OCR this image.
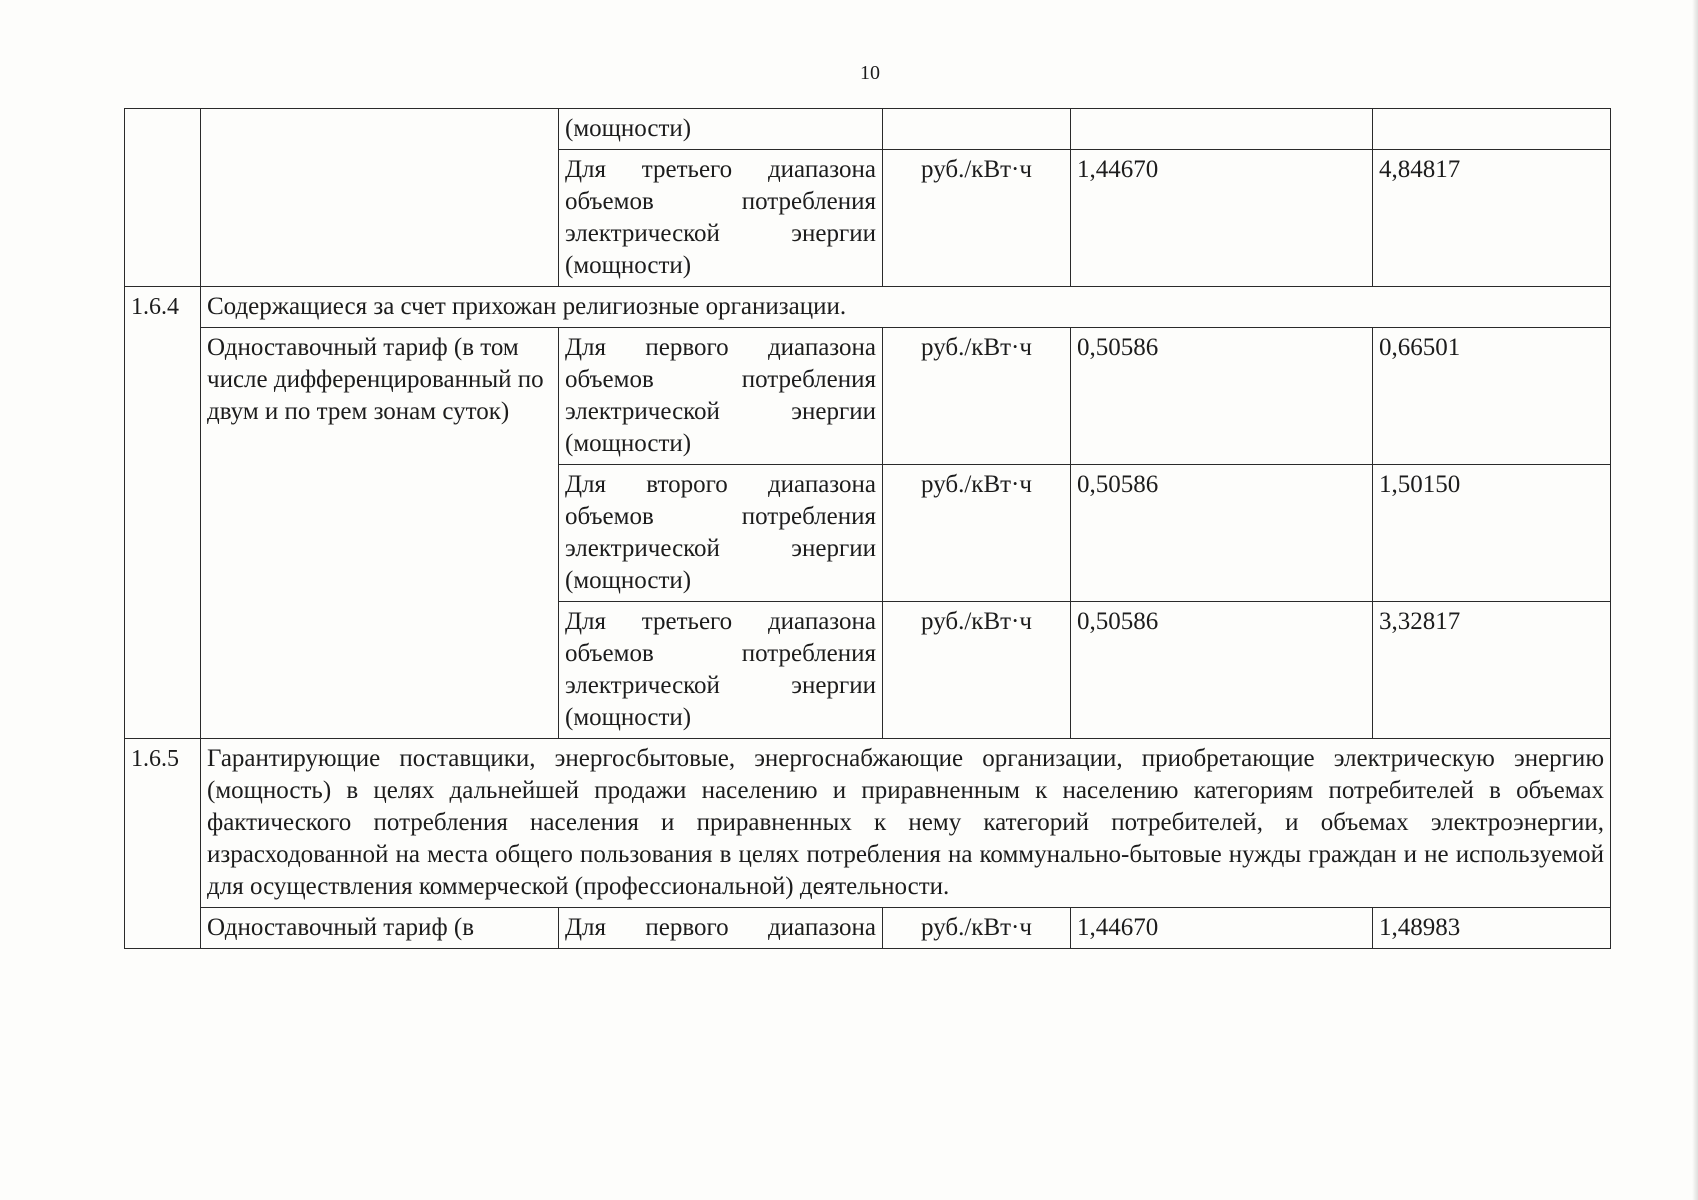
10
		(мощности)			
		Для третьего диапазона объемов потребления электрической энергии (мощности)	руб./кВт·ч	1,44670	4,84817
1.6.4	Содержащиеся за счет прихожан религиозные организации.				
	Одноставочный тариф (в том числе дифференцированный по двум и по трем зонам суток)	Для первого диапазона объемов потребления электрической энергии (мощности)	руб./кВт·ч	0,50586	0,66501
		Для второго диапазона объемов потребления электрической энергии (мощности)	руб./кВт·ч	0,50586	1,50150
		Для третьего диапазона объемов потребления электрической энергии (мощности)	руб./кВт·ч	0,50586	3,32817
1.6.5	Гарантирующие поставщики, энергосбытовые, энергоснабжающие организации, приобретающие электрическую энергию (мощность) в целях дальнейшей продажи населению и приравненным к населению категориям потребителей в объемах фактического потребления населения и приравненных к нему категорий потребителей, и объемах электроэнергии, израсходованной на места общего пользования в целях потребления на коммунально-бытовые нужды граждан и не используемой для осуществления коммерческой (профессиональной) деятельности.				
	Одноставочный тариф (в	Для первого диапазона	руб./кВт·ч	1,44670	1,48983
